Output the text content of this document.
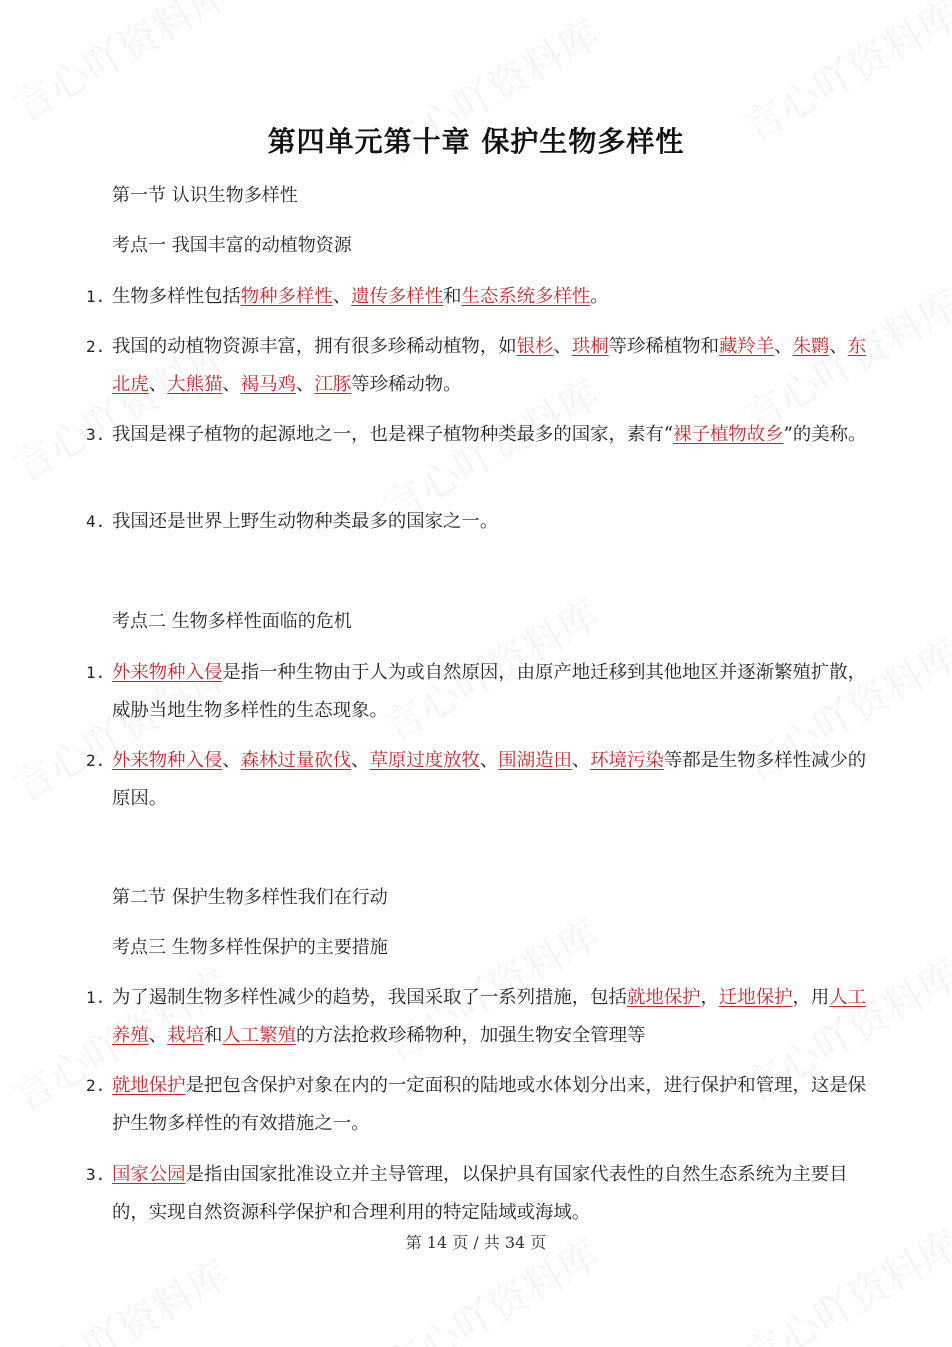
第四单元第十章 保护生物多样性
第一节 认识生物多样性
考点一 我国丰富的动植物资源
1. 生物多样性包括物种多样性、遗传多样性和生态系统多样性。
2. 我国的动植物资源丰富，拥有很多珍稀动植物，如银杉、珙桐等珍稀植物和藏羚羊、朱鹮、东北虎、大熊猫、褐马鸡、江豚等珍稀动物。
3. 我国是裸子植物的起源地之一，也是裸子植物种类最多的国家，素有“裸子植物故乡”的美称。
4. 我国还是世界上野生动物种类最多的国家之一。
考点二 生物多样性面临的危机
1. 外来物种入侵是指一种生物由于人为或自然原因，由原产地迁移到其他地区并逐渐繁殖扩散，威胁当地生物多样性的生态现象。
2. 外来物种入侵、森林过量砍伐、草原过度放牧、围湖造田、环境污染等都是生物多样性减少的原因。
第二节 保护生物多样性我们在行动
考点三 生物多样性保护的主要措施
1. 为了遏制生物多样性减少的趋势，我国采取了一系列措施，包括就地保护，迁地保护，用人工养殖、栽培和人工繁殖的方法抢救珍稀物种，加强生物安全管理等
2. 就地保护是把包含保护对象在内的一定面积的陆地或水体划分出来，进行保护和管理，这是保护生物多样性的有效措施之一。
3. 国家公园是指由国家批准设立并主导管理，以保护具有国家代表性的自然生态系统为主要目的，实现自然资源科学保护和合理利用的特定陆域或海域。
第 14 页 / 共 34 页
